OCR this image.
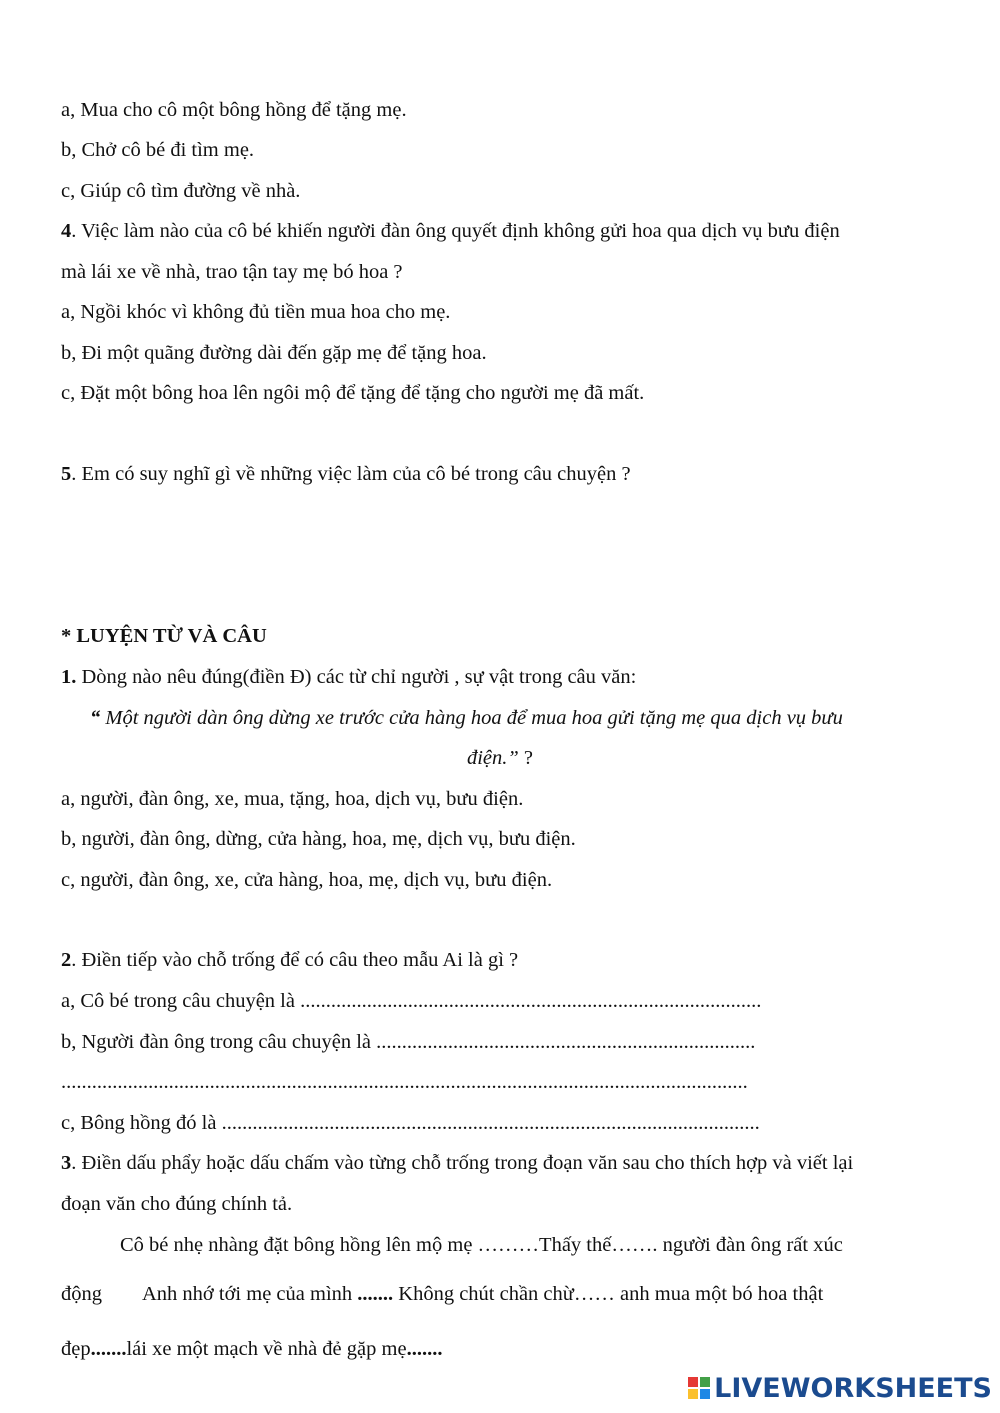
a, Mua cho cô một bông hồng để tặng mẹ.
b, Chở cô bé đi tìm mẹ.
c, Giúp cô tìm đường về nhà.
4. Việc làm nào của cô bé khiến người đàn ông quyết định không gửi hoa qua dịch vụ bưu điện
mà lái xe về nhà, trao tận tay mẹ bó hoa ?
a, Ngồi khóc vì không đủ tiền mua hoa cho mẹ.
b, Đi một quãng đường dài đến gặp mẹ để tặng hoa.
c, Đặt một bông hoa lên ngôi mộ để tặng để tặng cho người mẹ đã mất.
5. Em có suy nghĩ gì về những việc làm của cô bé trong câu chuyện ?
* LUYỆN TỪ VÀ CÂU
1. Dòng nào nêu đúng(điền Đ) các từ chỉ người , sự vật trong câu văn:
“ Một người dàn ông dừng xe trước cửa hàng hoa để mua hoa gửi tặng mẹ qua dịch vụ bưu
điện.” ?
a, người, đàn ông, xe, mua, tặng, hoa, dịch vụ, bưu điện.
b, người, đàn ông, dừng, cửa hàng, hoa, mẹ, dịch vụ, bưu điện.
c, người, đàn ông, xe, cửa hàng, hoa, mẹ, dịch vụ, bưu điện.
2. Điền tiếp vào chỗ trống để có câu theo mẫu Ai là gì ?
a, Cô bé trong câu chuyện là ..........................................................................................
b, Người đàn ông trong câu chuyện là ..........................................................................
......................................................................................................................................
c, Bông hồng đó là .........................................................................................................
3. Điền dấu phẩy hoặc dấu chấm vào từng chỗ trống trong đoạn văn sau cho thích hợp và viết lại
đoạn văn cho đúng chính tả.
Cô bé nhẹ nhàng đặt bông hồng lên mộ mẹ ………Thấy thế……. người đàn ông rất xúc
động Anh nhớ tới mẹ của mình ....... Không chút chần chừ…… anh mua một bó hoa thật
đẹp.......lái xe một mạch về nhà đẻ gặp mẹ.......
LIVEWORKSHEETS
